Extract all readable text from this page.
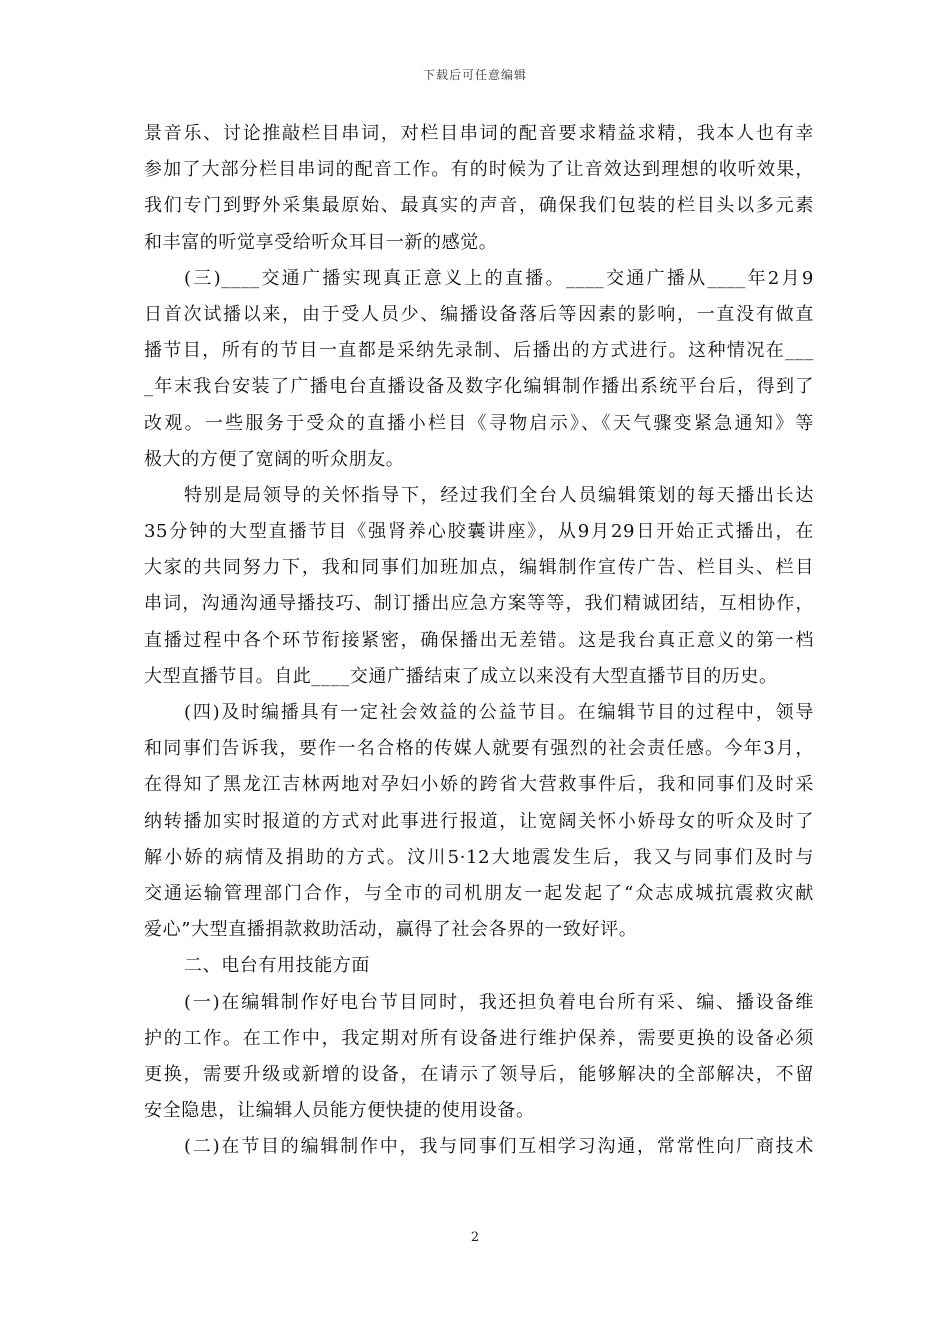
下载后可任意编辑
景音乐、讨论推敲栏目串词，对栏目串词的配音要求精益求精，我本人也有幸
参加了大部分栏目串词的配音工作。有的时候为了让音效达到理想的收听效果，
我们专门到野外采集最原始、最真实的声音，确保我们包装的栏目头以多元素
和丰富的听觉享受给听众耳目一新的感觉。
(三)____交通广播实现真正意义上的直播。____交通广播从____年2月9
日首次试播以来，由于受人员少、编播设备落后等因素的影响，一直没有做直
播节目，所有的节目一直都是采纳先录制、后播出的方式进行。这种情况在___
_年末我台安装了广播电台直播设备及数字化编辑制作播出系统平台后，得到了
改观。一些服务于受众的直播小栏目《寻物启示》、《天气骤变紧急通知》等
极大的方便了宽阔的听众朋友。
特别是局领导的关怀指导下，经过我们全台人员编辑策划的每天播出长达
35分钟的大型直播节目《强肾养心胶囊讲座》，从9月29日开始正式播出，在
大家的共同努力下，我和同事们加班加点，编辑制作宣传广告、栏目头、栏目
串词，沟通沟通导播技巧、制订播出应急方案等等，我们精诚团结，互相协作，
直播过程中各个环节衔接紧密，确保播出无差错。这是我台真正意义的第一档
大型直播节目。自此____交通广播结束了成立以来没有大型直播节目的历史。
(四)及时编播具有一定社会效益的公益节目。在编辑节目的过程中，领导
和同事们告诉我，要作一名合格的传媒人就要有强烈的社会责任感。今年3月，
在得知了黑龙江吉林两地对孕妇小娇的跨省大营救事件后，我和同事们及时采
纳转播加实时报道的方式对此事进行报道，让宽阔关怀小娇母女的听众及时了
解小娇的病情及捐助的方式。汶川5·12大地震发生后，我又与同事们及时与
交通运输管理部门合作，与全市的司机朋友一起发起了“众志成城抗震救灾献
爱心”大型直播捐款救助活动，赢得了社会各界的一致好评。
二、电台有用技能方面
(一)在编辑制作好电台节目同时，我还担负着电台所有采、编、播设备维
护的工作。在工作中，我定期对所有设备进行维护保养，需要更换的设备必须
更换，需要升级或新增的设备，在请示了领导后，能够解决的全部解决，不留
安全隐患，让编辑人员能方便快捷的使用设备。
(二)在节目的编辑制作中，我与同事们互相学习沟通，常常性向厂商技术
2
